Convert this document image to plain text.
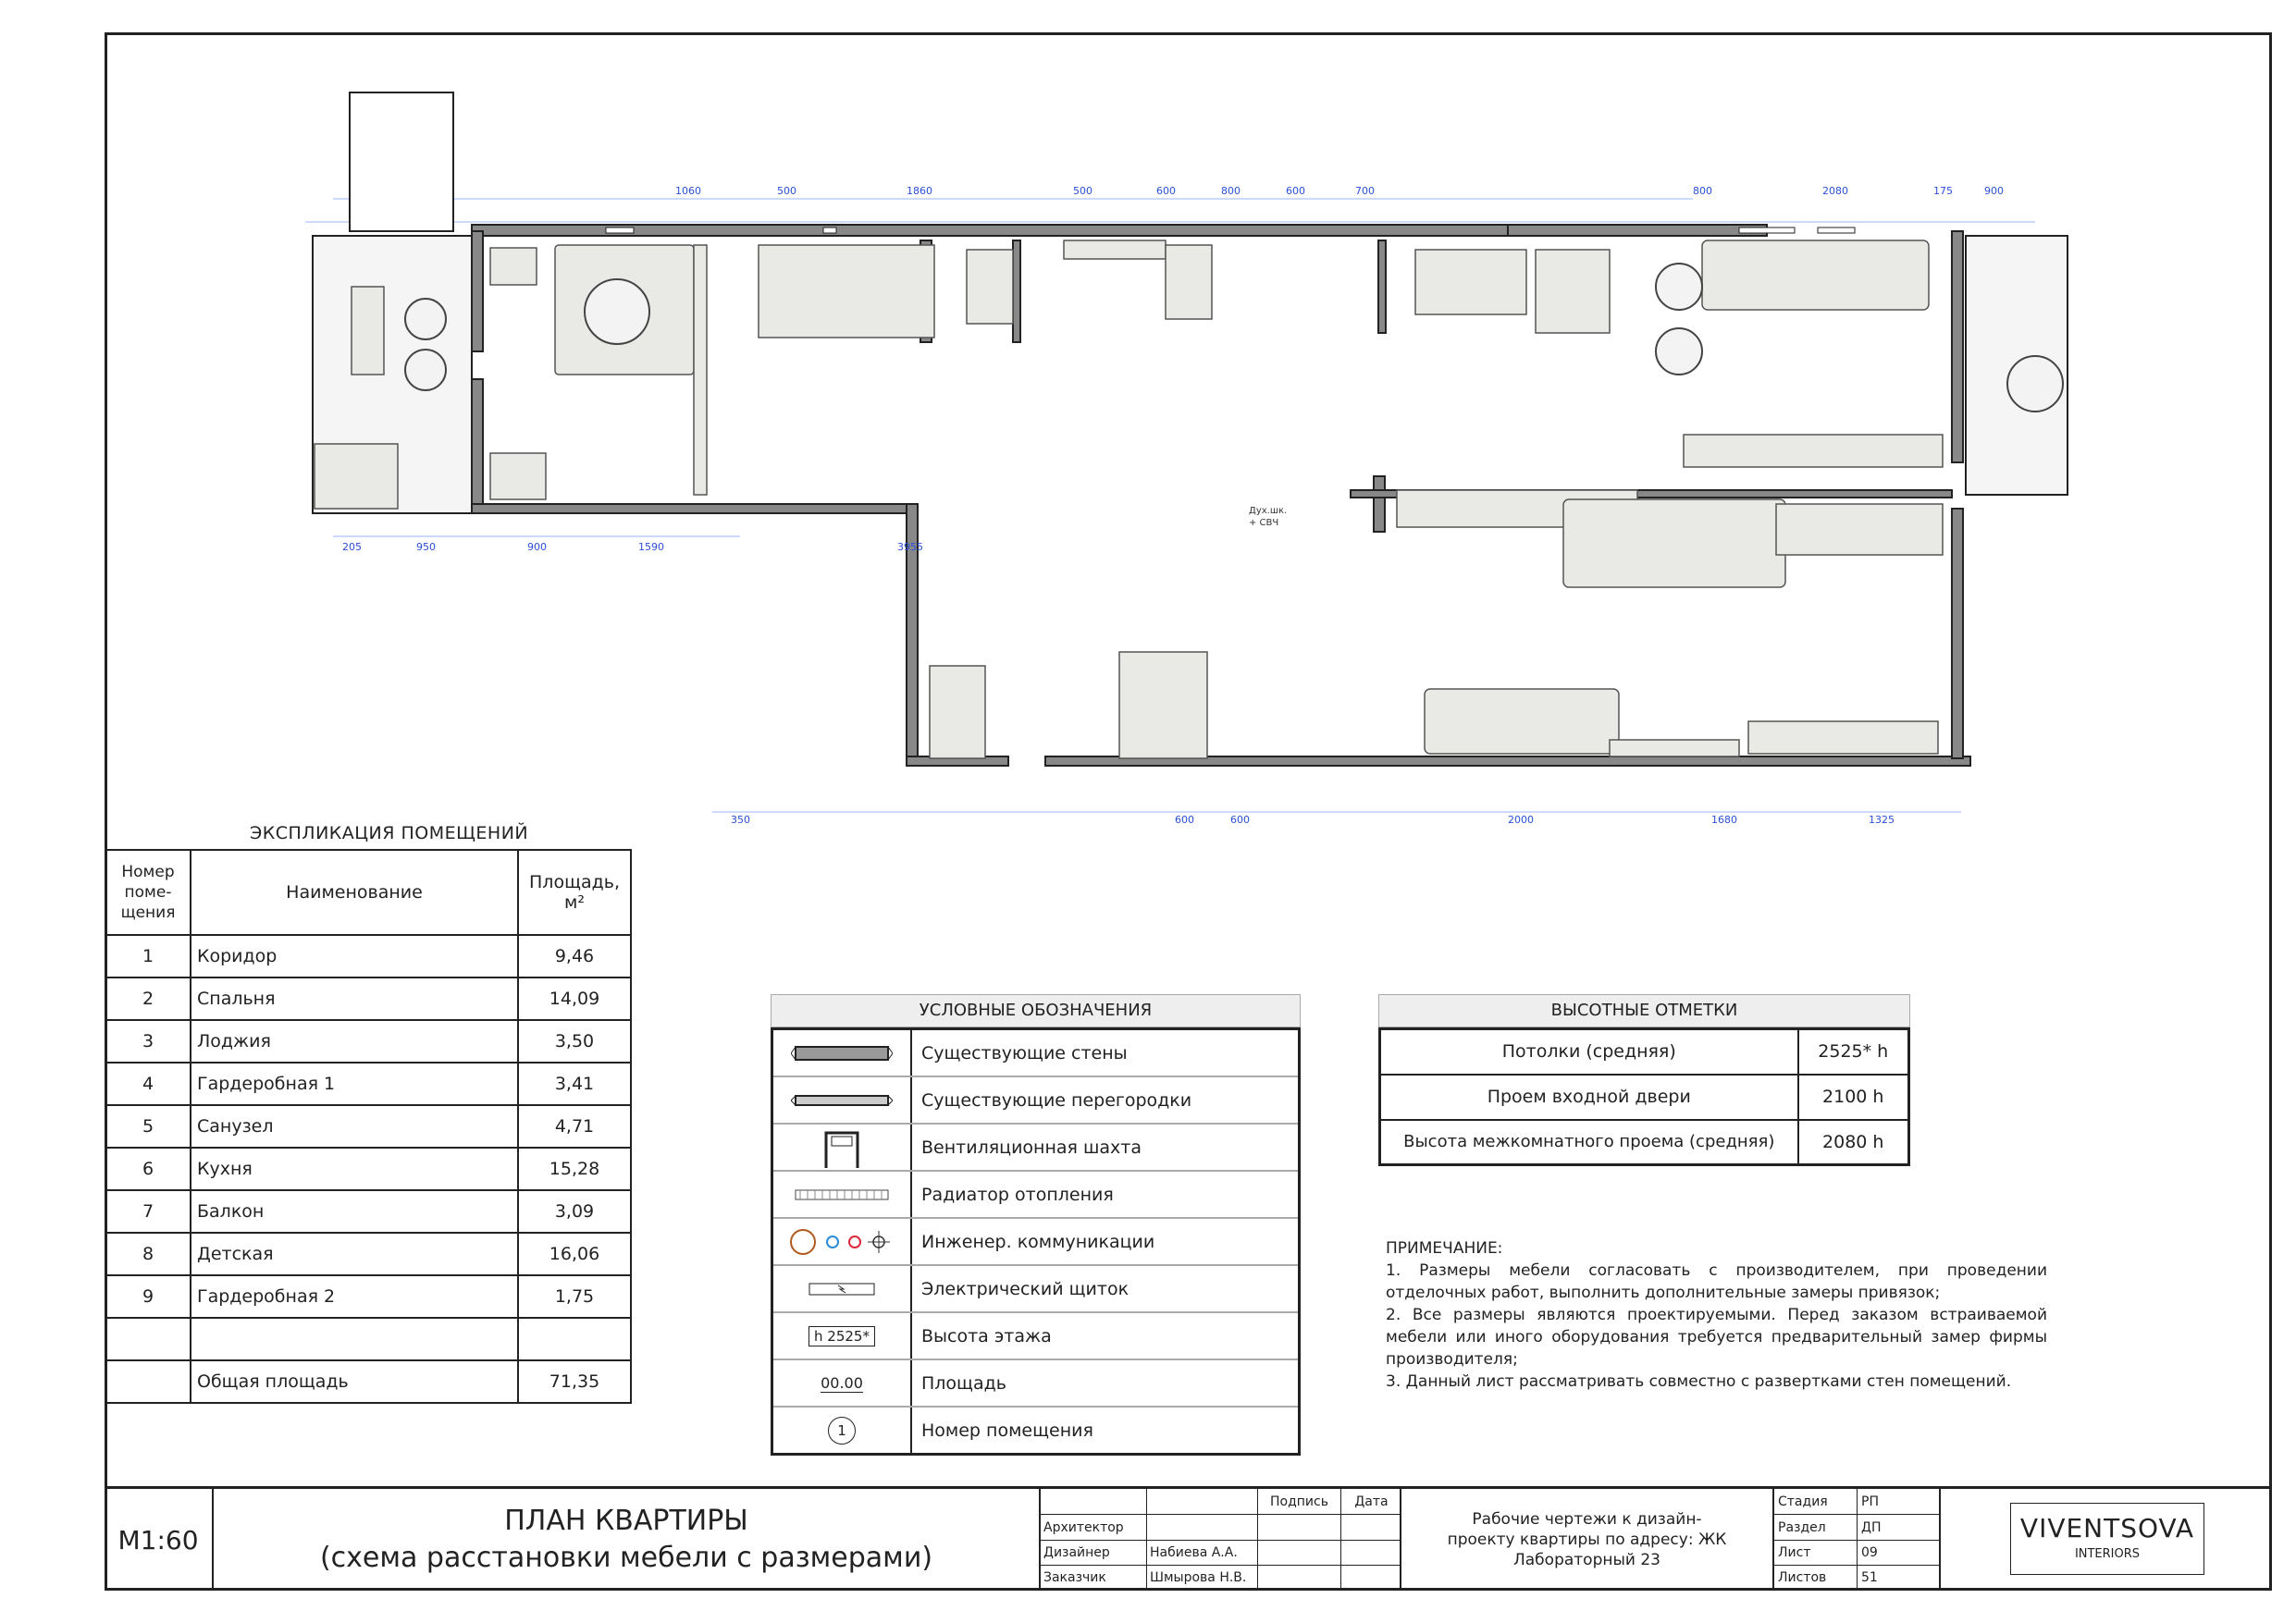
1060	500	1860	500	600	800	600	700	800	2080	175	900
205	950	900	1590	3955
350	600	600	2000	1680	1325
Дух.шк.
+ СВЧ
ЭКСПЛИКАЦИЯ ПОМЕЩЕНИЙ
Номер поме-щения	Наименование	Площадь, м²
1	Коридор	9,46
2	Спальня	14,09
3	Лоджия	3,50
4	Гардеробная 1	3,41
5	Санузел	4,71
6	Кухня	15,28
7	Балкон	3,09
8	Детская	16,06
9	Гардеробная 2	1,75

	Общая площадь	71,35
УСЛОВНЫЕ ОБОЗНАЧЕНИЯ
Существующие стены
Существующие перегородки
Вентиляционная шахта
Радиатор отопления
Инженер. коммуникации
Электрический щиток
h 2525*	Высота этажа
00.00	Площадь
1	Номер помещения
ВЫСОТНЫЕ ОТМЕТКИ
Потолки (средняя)	2525* h
Проем входной двери	2100 h
Высота межкомнатного проема (средняя)	2080 h
ПРИМЕЧАНИЕ:
1. Размеры мебели согласовать с производителем, при проведении отделочных работ, выполнить дополнительные замеры привязок;
2. Все размеры являются проектируемыми. Перед заказом встраиваемой мебели или иного оборудования требуется предварительный замер фирмы производителя;
3. Данный лист рассматривать совместно с развертками стен помещений.
М1:60
ПЛАН КВАРТИРЫ
(схема расстановки мебели с размерами)
Подпись	Дата
Архитектор
Дизайнер	Набиева А.А.
Заказчик	Шмырова Н.В.
Рабочие чертежи к дизайн-проекту квартиры по адресу: ЖК Лабораторный 23
Стадия	РП
Раздел	ДП
Лист	09
Листов	51
VIVENTSOVA
INTERIORS
